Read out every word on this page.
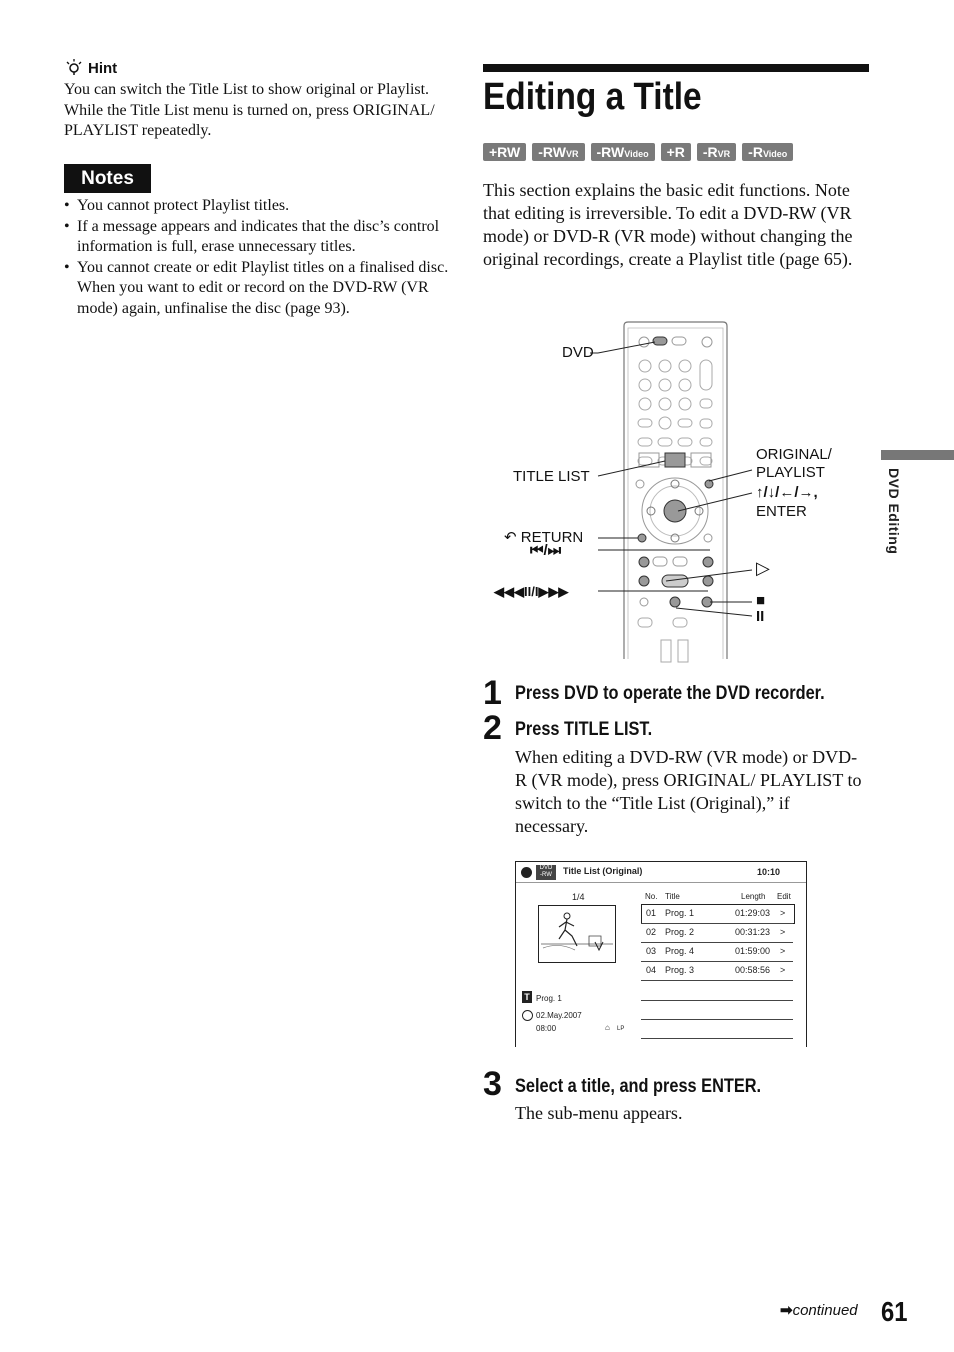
Hint
You can switch the Title List to show original or Playlist. While the Title List menu is turned on, press ORIGINAL/ PLAYLIST repeatedly.
Notes
• You cannot protect Playlist titles.
• If a message appears and indicates that the disc’s control information is full, erase unnecessary titles.
• You cannot create or edit Playlist titles on a finalised disc. When you want to edit or record on the DVD-RW (VR mode) again, unfinalise the disc (page 93).
Editing a Title
+RW	-RWVR	-RWVideo	+R	-RVR	-RVideo
This section explains the basic edit functions. Note that editing is irreversible. To edit a DVD-RW (VR mode) or DVD-R (VR mode) without changing the original recordings, create a Playlist title (page 65).
DVD
TITLE LIST
↶ RETURN
⏮/⏭
◀◀◀II/I▶▶▶
ORIGINAL/
PLAYLIST
↑/↓/←/→,
ENTER
▷
■
II
1 Press DVD to operate the DVD recorder.
2 Press TITLE LIST.
When editing a DVD-RW (VR mode) or DVD-R (VR mode), press ORIGINAL/ PLAYLIST to switch to the “Title List (Original),” if necessary.
DVD
-RW	Title List (Original)	10:10
1/4	No. Title	Length Edit
01 Prog. 1	01:29:03 >
02 Prog. 2	00:31:23 >
03 Prog. 4	01:59:00 >
04 Prog. 3	00:58:56 >
T Prog. 1
02.May.2007
08:00	⌂ LP
3 Select a title, and press ENTER.
The sub-menu appears.
DVD Editing
➡continued 61
